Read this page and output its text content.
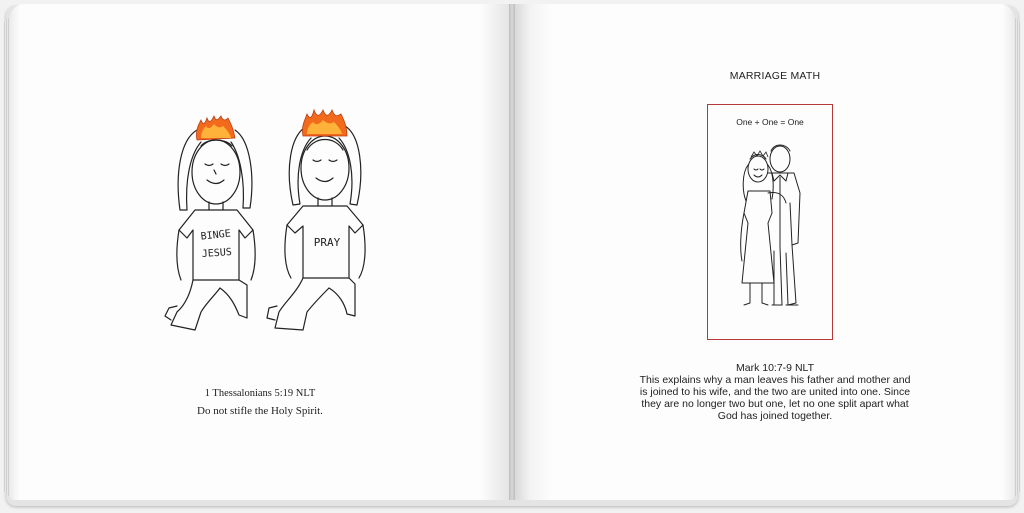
BINGE
JESUS
PRAY
1 Thessalonians 5:19 NLT
Do not stifle the Holy Spirit.
MARRIAGE MATH
One + One = One
Mark 10:7-9 NLT
This explains why a man leaves his father and mother and is joined to his wife, and the two are united into one. Since they are no longer two but one, let no one split apart what God has joined together.
